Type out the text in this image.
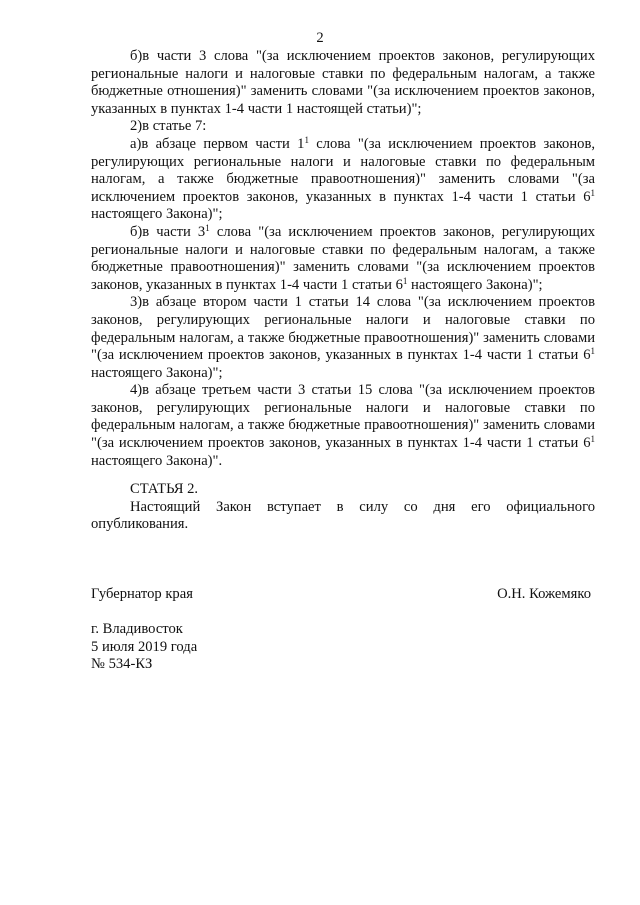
2

б)в части 3 слова "(за исключением проектов законов, регулирующих региональные налоги и налоговые ставки по федеральным налогам, а также бюджетные отношения)" заменить словами "(за исключением проектов законов, указанных в пунктах 1-4 части 1 настоящей статьи)";

2)в статье 7:

а)в абзаце первом части $1^1$ слова "(за исключением проектов законов, регулирующих региональные налоги и налоговые ставки по федеральным налогам, а также бюджетные правоотношения)" заменить словами "(за исключением проектов законов, указанных в пунктах 1-4 части 1 статьи $6^1$ настоящего Закона)";

б)в части $3^1$ слова "(за исключением проектов законов, регулирующих региональные налоги и налоговые ставки по федеральным налогам, а также бюджетные правоотношения)" заменить словами "(за исключением проектов законов, указанных в пунктах 1-4 части 1 статьи $6^1$ настоящего Закона)";

3)в абзаце втором части 1 статьи 14 слова "(за исключением проектов законов, регулирующих региональные налоги и налоговые ставки по федеральным налогам, а также бюджетные правоотношения)" заменить словами "(за исключением проектов законов, указанных в пунктах 1-4 части 1 статьи $6^1$ настоящего Закона)";

4)в абзаце третьем части 3 статьи 15 слова "(за исключением проектов законов, регулирующих региональные налоги и налоговые ставки по федеральным налогам, а также бюджетные правоотношения)" заменить словами "(за исключением проектов законов, указанных в пунктах 1-4 части 1 статьи $6^1$ настоящего Закона)".

СТАТЬЯ 2.

Настоящий Закон вступает в силу со дня его официального опубликования.

Губернатор края	О.Н. Кожемяко
г. Владивосток
5 июля 2019 года
№ 534-КЗ
